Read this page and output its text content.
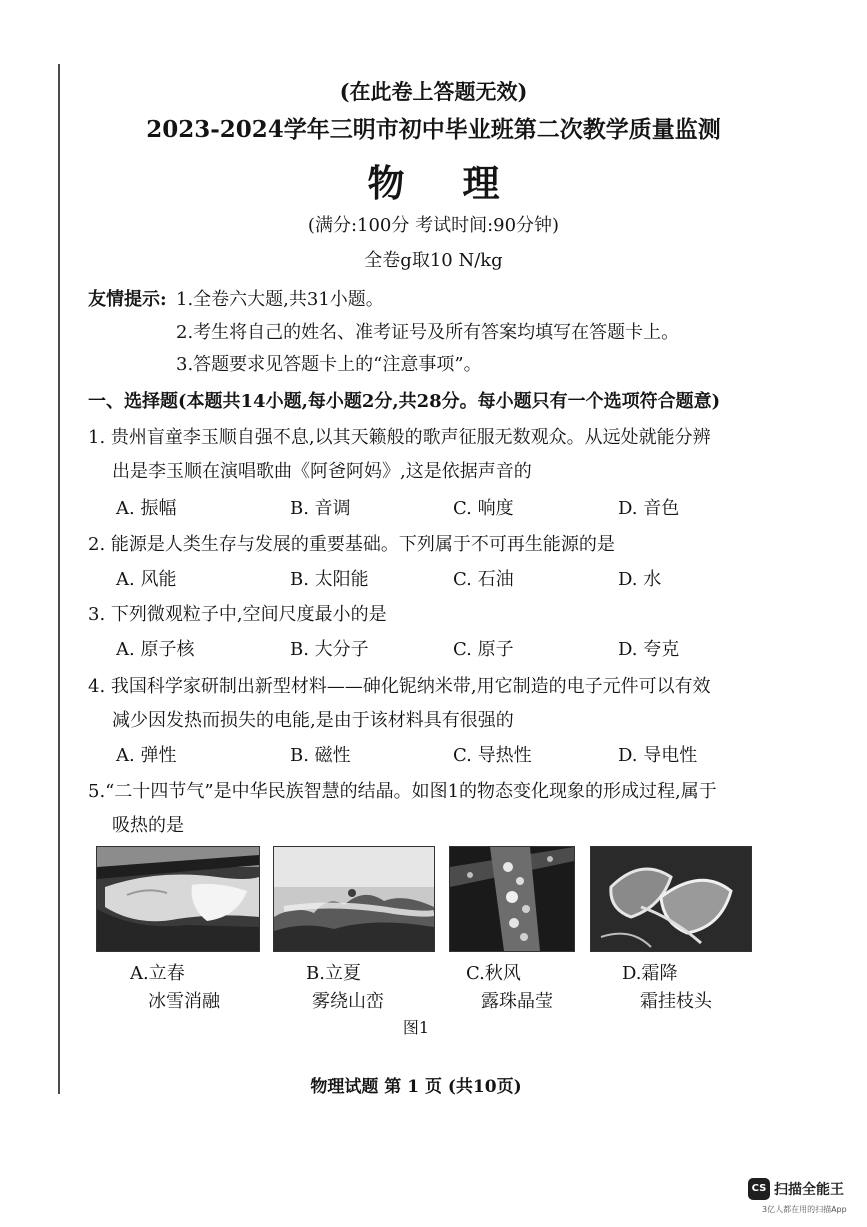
(在此卷上答题无效)
2023-2024学年三明市初中毕业班第二次教学质量监测
物理
(满分:100分 考试时间:90分钟)
全卷g取10 N/kg
友情提示: 1.全卷六大题,共31小题。
2.考生将自己的姓名、准考证号及所有答案均填写在答题卡上。
3.答题要求见答题卡上的“注意事项”。
一、选择题(本题共14小题,每小题2分,共28分。每小题只有一个选项符合题意)
1. 贵州盲童李玉顺自强不息,以其天籁般的歌声征服无数观众。从远处就能分辨
出是李玉顺在演唱歌曲《阿爸阿妈》,这是依据声音的
A. 振幅	B. 音调	C. 响度	D. 音色
2. 能源是人类生存与发展的重要基础。下列属于不可再生能源的是
A. 风能	B. 太阳能	C. 石油	D. 水
3. 下列微观粒子中,空间尺度最小的是
A. 原子核	B. 大分子	C. 原子	D. 夸克
4. 我国科学家研制出新型材料——砷化铌纳米带,用它制造的电子元件可以有效
减少因发热而损失的电能,是由于该材料具有很强的
A. 弹性	B. 磁性	C. 导热性	D. 导电性
5.“二十四节气”是中华民族智慧的结晶。如图1的物态变化现象的形成过程,属于
吸热的是
A.立春
冰雪消融
B.立夏
雾绕山峦
C.秋风
露珠晶莹
D.霜降
霜挂枝头
图1
物理试题 第 1 页 (共10页)
CS 扫描全能王
3亿人都在用的扫描App
